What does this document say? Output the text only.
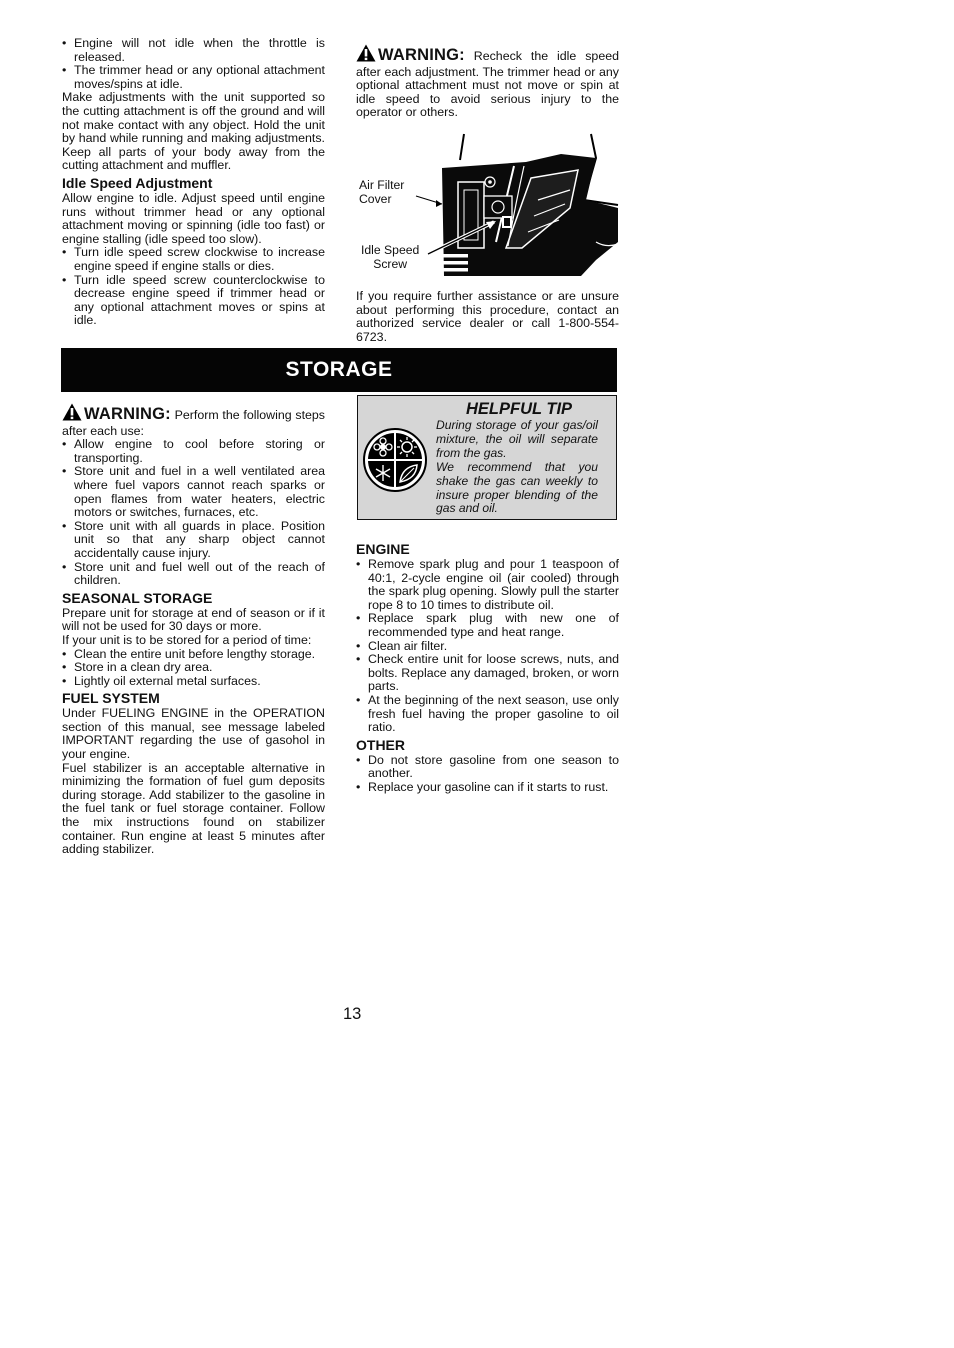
• Engine will not idle when the throttle is released.
• The trimmer head or any optional attachment moves/spins at idle.

Make adjustments with the unit supported so the cutting attachment is off the ground and will not make contact with any object. Hold the unit by hand while running and making adjustments. Keep all parts of your body away from the cutting attachment and muffler.

Idle Speed Adjustment

Allow engine to idle. Adjust speed until engine runs without trimmer head or any optional attachment moving or spinning (idle too fast) or engine stalling (idle speed too slow).

• Turn idle speed screw clockwise to increase engine speed if engine stalls or dies.
• Turn idle speed screw counterclockwise to decrease engine speed if trimmer head or any optional attachment moves or spins at idle.
WARNING: Recheck the idle speed after each adjustment. The trimmer head or any optional attachment must not move or spin at idle speed to avoid serious injury to the operator or others.
Air Filter
Cover
Idle Speed
Screw

If you require further assistance or are unsure about performing this procedure, contact an authorized service dealer or call 1-800-554-6723.

STORAGE
WARNING: Perform the following steps after each use:
• Allow engine to cool before storing or transporting.
• Store unit and fuel in a well ventilated area where fuel vapors cannot reach sparks or open flames from water heaters, electric motors or switches, furnaces, etc.
• Store unit with all guards in place. Position unit so that any sharp object cannot accidentally cause injury.
• Store unit and fuel well out of the reach of children.
SEASONAL STORAGE

Prepare unit for storage at end of season or if it will not be used for 30 days or more.

If your unit is to be stored for a period of time:

• Clean the entire unit before lengthy storage.
• Store in a clean dry area.
• Lightly oil external metal surfaces.
FUEL SYSTEM

Under FUELING ENGINE in the OPERATION section of this manual, see message labeled IMPORTANT regarding the use of gasohol in your engine.

Fuel stabilizer is an acceptable alternative in minimizing the formation of fuel gum deposits during storage. Add stabilizer to the gasoline in the fuel tank or fuel storage container. Follow the mix instructions found on stabilizer container. Run engine at least 5 minutes after adding stabilizer.

HELPFUL TIP

During storage of your gas/oil mixture, the oil will separate from the gas.

We recommend that you shake the gas can weekly to insure proper blending of the gas and oil.

ENGINE
• Remove spark plug and pour 1 teaspoon of 40:1, 2-cycle engine oil (air cooled) through the spark plug opening. Slowly pull the starter rope 8 to 10 times to distribute oil.
• Replace spark plug with new one of recommended type and heat range.
• Clean air filter.
• Check entire unit for loose screws, nuts, and bolts. Replace any damaged, broken, or worn parts.
• At the beginning of the next season, use only fresh fuel having the proper gasoline to oil ratio.
OTHER
• Do not store gasoline from one season to another.
• Replace your gasoline can if it starts to rust.
13
